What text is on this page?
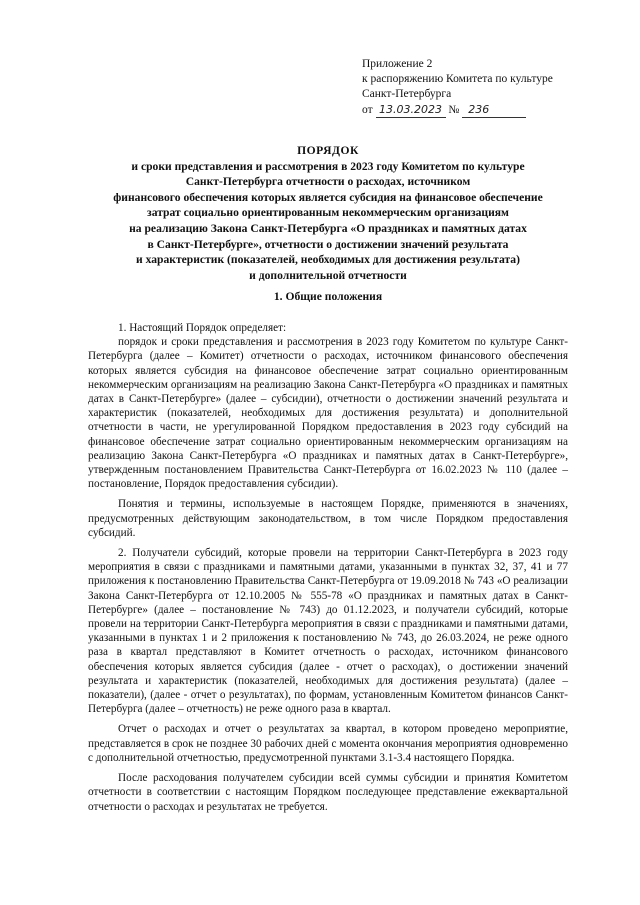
Приложение 2
к распоряжению Комитета по культуре
Санкт-Петербурга
от 13.03.2023 № 236
ПОРЯДОК
и сроки представления и рассмотрения в 2023 году Комитетом по культуре
Санкт-Петербурга отчетности о расходах, источником
финансового обеспечения которых является субсидия на финансовое обеспечение
затрат социально ориентированным некоммерческим организациям
на реализацию Закона Санкт-Петербурга «О праздниках и памятных датах
в Санкт-Петербурге», отчетности о достижении значений результата
и характеристик (показателей, необходимых для достижения результата)
и дополнительной отчетности
1. Общие положения

1. Настоящий Порядок определяет:

порядок и сроки представления и рассмотрения в 2023 году Комитетом по культуре Санкт-Петербурга (далее – Комитет) отчетности о расходах, источником финансового обеспечения которых является субсидия на финансовое обеспечение затрат социально ориентированным некоммерческим организациям на реализацию Закона Санкт-Петербурга «О праздниках и памятных датах в Санкт-Петербурге» (далее – субсидии), отчетности о достижении значений результата и характеристик (показателей, необходимых для достижения результата) и дополнительной отчетности в части, не урегулированной Порядком предоставления в 2023 году субсидий на финансовое обеспечение затрат социально ориентированным некоммерческим организациям на реализацию Закона Санкт-Петербурга «О праздниках и памятных датах в Санкт-Петербурге», утвержденным постановлением Правительства Санкт-Петербурга от 16.02.2023 № 110 (далее – постановление, Порядок предоставления субсидии).

Понятия и термины, используемые в настоящем Порядке, применяются в значениях, предусмотренных действующим законодательством, в том числе Порядком предоставления субсидий.

2. Получатели субсидий, которые провели на территории Санкт-Петербурга в 2023 году мероприятия в связи с праздниками и памятными датами, указанными в пунктах 32, 37, 41 и 77 приложения к постановлению Правительства Санкт-Петербурга от 19.09.2018 № 743 «О реализации Закона Санкт-Петербурга от 12.10.2005 № 555-78 «О праздниках и памятных датах в Санкт-Петербурге» (далее – постановление № 743) до 01.12.2023, и получатели субсидий, которые провели на территории Санкт-Петербурга мероприятия в связи с праздниками и памятными датами, указанными в пунктах 1 и 2 приложения к постановлению № 743, до 26.03.2024, не реже одного раза в квартал представляют в Комитет отчетность о расходах, источником финансового обеспечения которых является субсидия (далее - отчет о расходах), о достижении значений результата и характеристик (показателей, необходимых для достижения результата) (далее – показатели), (далее - отчет о результатах), по формам, установленным Комитетом финансов Санкт-Петербурга (далее – отчетность) не реже одного раза в квартал.

Отчет о расходах и отчет о результатах за квартал, в котором проведено мероприятие, представляется в срок не позднее 30 рабочих дней с момента окончания мероприятия одновременно с дополнительной отчетностью, предусмотренной пунктами 3.1-3.4 настоящего Порядка.

После расходования получателем субсидии всей суммы субсидии и принятия Комитетом отчетности в соответствии с настоящим Порядком последующее представление ежеквартальной отчетности о расходах и результатах не требуется.
